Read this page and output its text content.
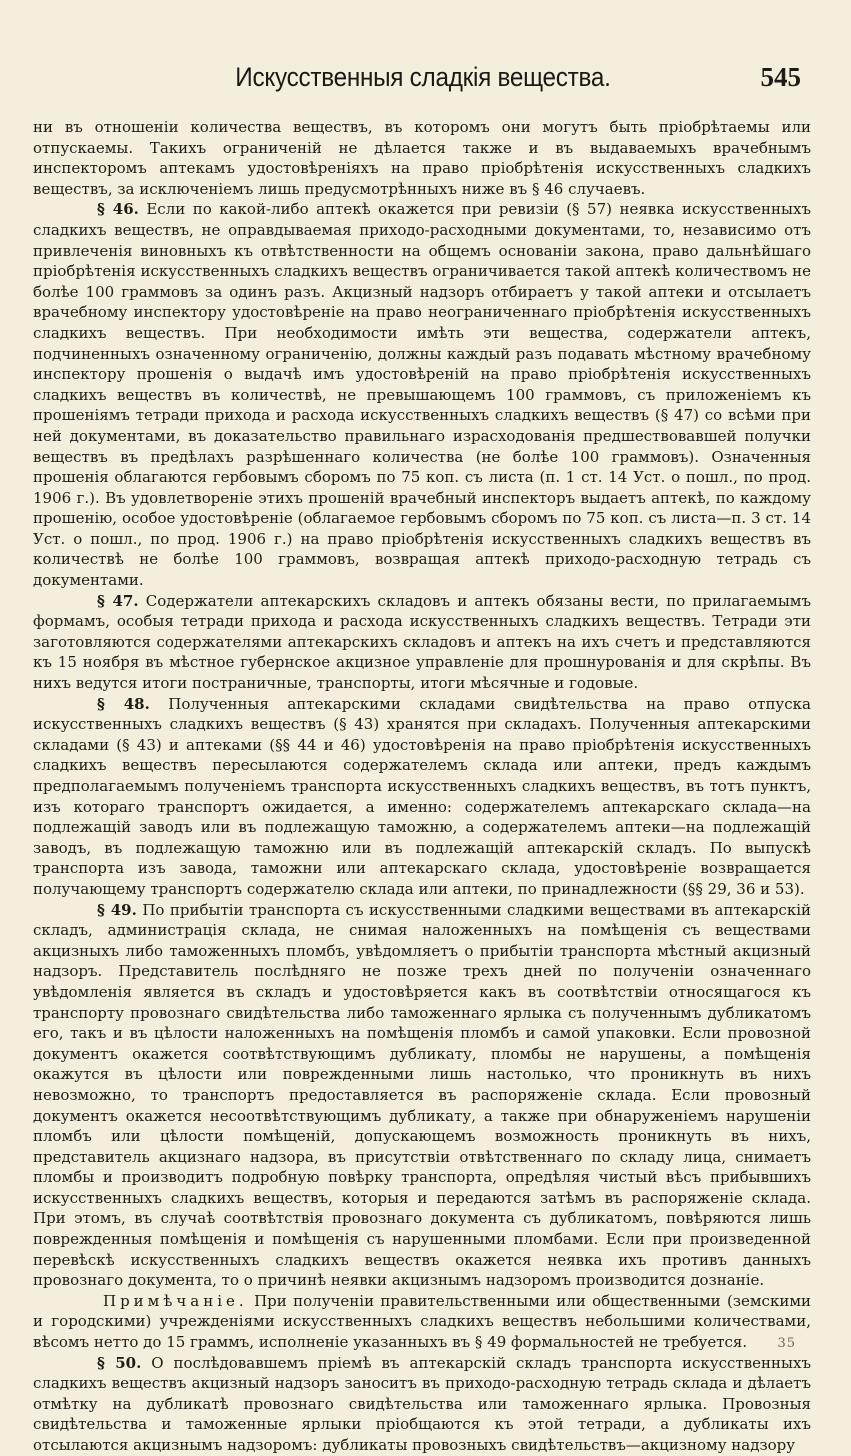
Искусственныя сладкія вещества.	545

ни въ отношеніи количества веществъ, въ которомъ они могутъ быть пріобрѣтаемы или отпускаемы. Такихъ ограниченій не дѣлается также и въ выдаваемыхъ врачебнымъ инспекторомъ аптекамъ удостовѣреніяхъ на право пріобрѣтенія искусственныхъ сладкихъ веществъ, за исключеніемъ лишь предусмотрѣнныхъ ниже въ § 46 случаевъ.

§ 46. Если по какой-либо аптекѣ окажется при ревизіи (§ 57) неявка искусственныхъ сладкихъ веществъ, не оправдываемая приходо-расходными документами, то, независимо отъ привлеченія виновныхъ къ отвѣтственности на общемъ основаніи закона, право дальнѣйшаго пріобрѣтенія искусственныхъ сладкихъ веществъ ограничивается такой аптекѣ количествомъ не болѣе 100 граммовъ за одинъ разъ. Акцизный надзоръ отбираетъ у такой аптеки и отсылаетъ врачебному инспектору удостовѣреніе на право неограниченнаго пріобрѣтенія искусственныхъ сладкихъ веществъ. При необходимости имѣть эти вещества, содержатели аптекъ, подчиненныхъ означенному ограниченію, должны каждый разъ подавать мѣстному врачебному инспектору прошенія о выдачѣ имъ удостовѣреній на право пріобрѣтенія искусственныхъ сладкихъ веществъ въ количествѣ, не превышающемъ 100 граммовъ, съ приложеніемъ къ прошеніямъ тетради прихода и расхода искусственныхъ сладкихъ веществъ (§ 47) со всѣми при ней документами, въ доказательство правильнаго израсходованія предшествовавшей получки веществъ въ предѣлахъ разрѣшеннаго количества (не болѣе 100 граммовъ). Означенныя прошенія облагаются гербовымъ сборомъ по 75 коп. съ листа (п. 1 ст. 14 Уст. о пошл., по прод. 1906 г.). Въ удовлетвореніе этихъ прошеній врачебный инспекторъ выдаетъ аптекѣ, по каждому прошенію, особое удостовѣреніе (облагаемое гербовымъ сборомъ по 75 коп. съ листа—п. 3 ст. 14 Уст. о пошл., по прод. 1906 г.) на право пріобрѣтенія искусственныхъ сладкихъ веществъ въ количествѣ не болѣе 100 граммовъ, возвращая аптекѣ приходо-расходную тетрадь съ документами.

§ 47. Содержатели аптекарскихъ складовъ и аптекъ обязаны вести, по прилагаемымъ формамъ, особыя тетради прихода и расхода искусственныхъ сладкихъ веществъ. Тетради эти заготовляются содержателями аптекарскихъ складовъ и аптекъ на ихъ счетъ и представляются къ 15 ноября въ мѣстное губернское акцизное управленіе для прошнурованія и для скрѣпы. Въ нихъ ведутся итоги постраничные, транспорты, итоги мѣсячные и годовые.

§ 48. Полученныя аптекарскими складами свидѣтельства на право отпуска искусственныхъ сладкихъ веществъ (§ 43) хранятся при складахъ. Полученныя аптекарскими складами (§ 43) и аптеками (§§ 44 и 46) удостовѣренія на право пріобрѣтенія искусственныхъ сладкихъ веществъ пересылаются содержателемъ склада или аптеки, предъ каждымъ предполагаемымъ полученіемъ транспорта искусственныхъ сладкихъ веществъ, въ тотъ пунктъ, изъ котораго транспортъ ожидается, а именно: содержателемъ аптекарскаго склада—на подлежащій заводъ или въ подлежащую таможню, а содержателемъ аптеки—на подлежащій заводъ, въ подлежащую таможню или въ подлежащій аптекарскій складъ. По выпускѣ транспорта изъ завода, таможни или аптекарскаго склада, удостовѣреніе возвращается получающему транспортъ содержателю склада или аптеки, по принадлежности (§§ 29, 36 и 53).

§ 49. По прибытіи транспорта съ искусственными сладкими веществами въ аптекарскій складъ, администрація склада, не снимая наложенныхъ на помѣщенія съ веществами акцизныхъ либо таможенныхъ пломбъ, увѣдомляетъ о прибытіи транспорта мѣстный акцизный надзоръ. Представитель послѣдняго не позже трехъ дней по полученіи означеннаго увѣдомленія является въ складъ и удостовѣряется какъ въ соотвѣтствіи относящагося къ транспорту провознаго свидѣтельства либо таможеннаго ярлыка съ полученнымъ дубликатомъ его, такъ и въ цѣлости наложенныхъ на помѣщенія пломбъ и самой упаковки. Если провозной документъ окажется соотвѣтствующимъ дубликату, пломбы не нарушены, а помѣщенія окажутся въ цѣлости или поврежденными лишь настолько, что проникнуть въ нихъ невозможно, то транспортъ предоставляется въ распоряженіе склада. Если провозный документъ окажется несоотвѣтствующимъ дубликату, а также при обнаруженіемъ нарушеніи пломбъ или цѣлости помѣщеній, допускающемъ возможность проникнуть въ нихъ, представитель акцизнаго надзора, въ присутствіи отвѣтственнаго по складу лица, снимаетъ пломбы и производитъ подробную повѣрку транспорта, опредѣляя чистый вѣсъ прибывшихъ искусственныхъ сладкихъ веществъ, которыя и передаются затѣмъ въ распоряженіе склада. При этомъ, въ случаѣ соотвѣтствія провознаго документа съ дубликатомъ, повѣряются лишь поврежденныя помѣщенія и помѣщенія съ нарушенными пломбами. Если при произведенной перевѣскѣ искусственныхъ сладкихъ веществъ окажется неявка ихъ противъ данныхъ провознаго документа, то о причинѣ неявки акцизнымъ надзоромъ производится дознаніе.

Примѣчаніе. При полученіи правительственными или общественными (земскими и городскими) учрежденіями искусственныхъ сладкихъ веществъ небольшими количествами, вѣсомъ нетто до 15 граммъ, исполненіе указанныхъ въ § 49 формальностей не требуется.

§ 50. О послѣдовавшемъ пріемѣ въ аптекарскій складъ транспорта искусственныхъ сладкихъ веществъ акцизный надзоръ заноситъ въ приходо-расходную тетрадь склада и дѣлаетъ отмѣтку на дубликатѣ провознаго свидѣтельства или таможеннаго ярлыка. Провозныя свидѣтельства и таможенные ярлыки пріобщаются къ этой тетради, а дубликаты ихъ отсылаются акцизнымъ надзоромъ: дубликаты провозныхъ свидѣтельствъ—акцизному надзору

35
